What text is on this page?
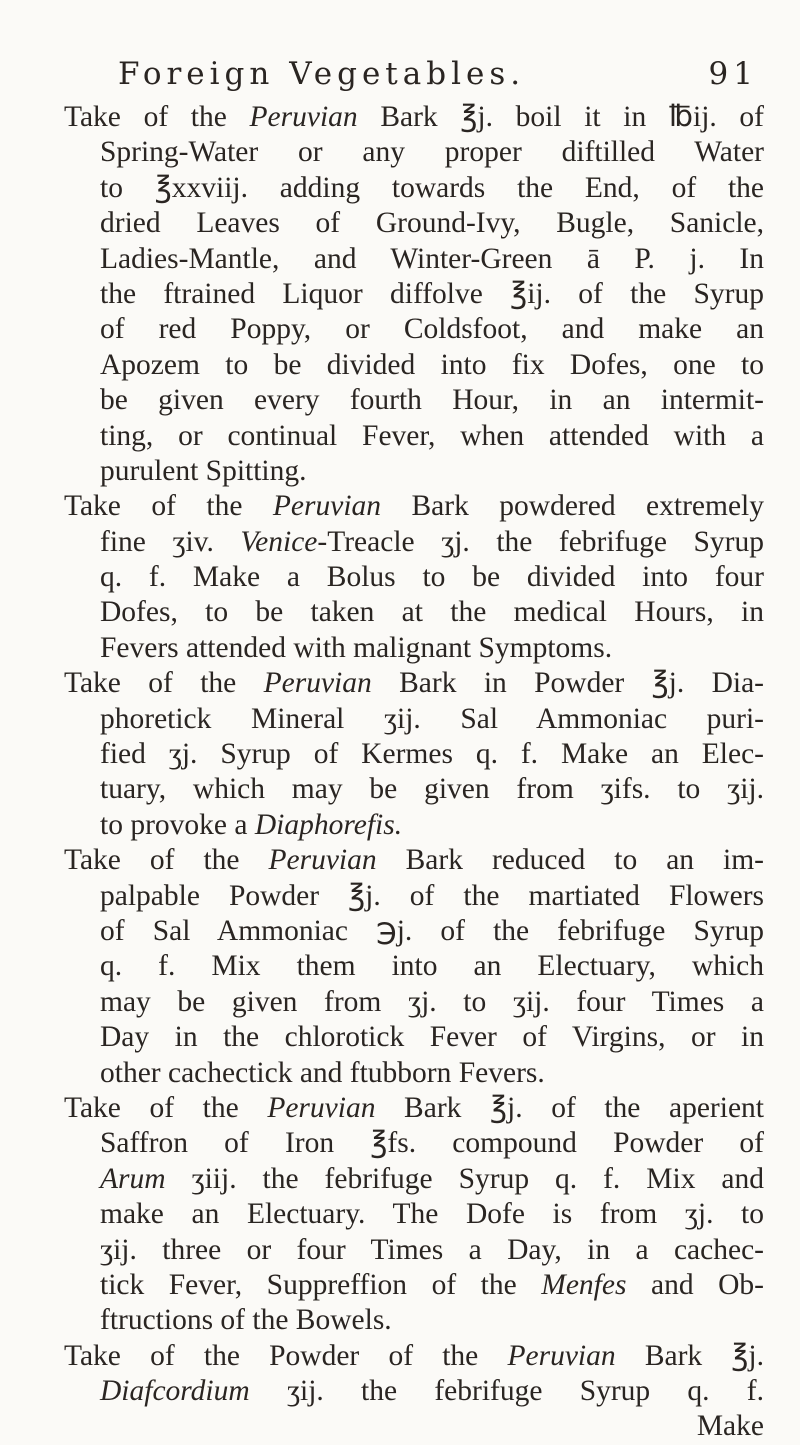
Foreign Vegetables.	91
Take of the Peruvian Bark ℥j. boil it in ℔ij. of
Spring-Water or any proper diftilled Water
to ℥xxviij. adding towards the End, of the
dried Leaves of Ground-Ivy, Bugle, Sanicle,
Ladies-Mantle, and Winter-Green ā P. j. In
the ftrained Liquor diffolve ℥ij. of the Syrup
of red Poppy, or Coldsfoot, and make an
Apozem to be divided into fix Dofes, one to
be given every fourth Hour, in an intermit-
ting, or continual Fever, when attended with a
purulent Spitting.
Take of the Peruvian Bark powdered extremely
fine ʒiv. Venice-Treacle ʒj. the febrifuge Syrup
q. f. Make a Bolus to be divided into four
Dofes, to be taken at the medical Hours, in
Fevers attended with malignant Symptoms.
Take of the Peruvian Bark in Powder ℥j. Dia-
phoretick Mineral ʒij. Sal Ammoniac puri-
fied ʒj. Syrup of Kermes q. f. Make an Elec-
tuary, which may be given from ʒifs. to ʒij.
to provoke a Diaphorefis.
Take of the Peruvian Bark reduced to an im-
palpable Powder ℥j. of the martiated Flowers
of Sal Ammoniac ℈j. of the febrifuge Syrup
q. f. Mix them into an Electuary, which
may be given from ʒj. to ʒij. four Times a
Day in the chlorotick Fever of Virgins, or in
other cachectick and ftubborn Fevers.
Take of the Peruvian Bark ℥j. of the aperient
Saffron of Iron ℥fs. compound Powder of
Arum ʒiij. the febrifuge Syrup q. f. Mix and
make an Electuary. The Dofe is from ʒj. to
ʒij. three or four Times a Day, in a cachec-
tick Fever, Suppreffion of the Menfes and Ob-
ftructions of the Bowels.
Take of the Powder of the Peruvian Bark ℥j.
Diafcordium ʒij. the febrifuge Syrup q. f.
Make
